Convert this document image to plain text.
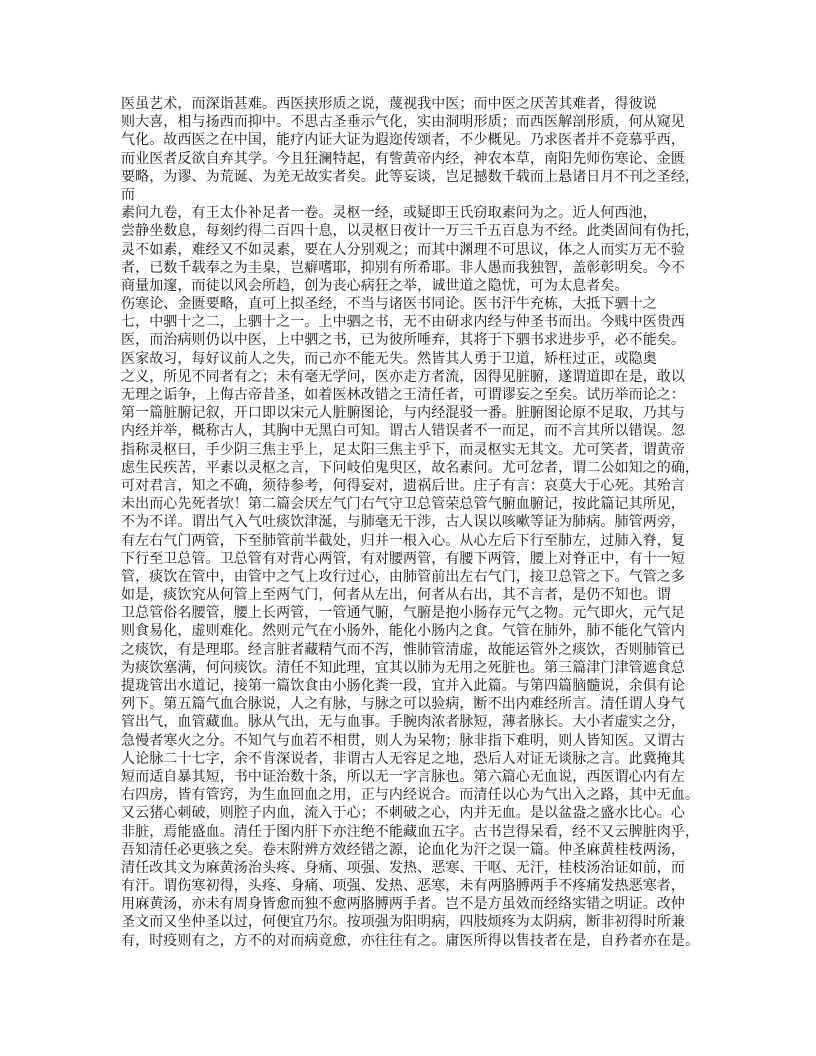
医虽艺术，而深诣甚难。西医挟形质之说，蔑视我中医；而中医之厌苦其难者，得彼说
则大喜，相与扬西而抑中。不思古圣垂示气化，实由洞明形质；而西医解剖形质，何从窥见
气化。故西医之在中国，能疗内证大证为遐迩传颂者，不少概见。乃求医者并不竞慕乎西，
而业医者反欲自弃其学。今且狂澜特起，有訾黄帝内经，神农本草，南阳先师伤寒论、金匮
要略，为谬、为荒诞、为羌无故实者矣。此等妄谈，岂足撼数千载而上悬诸日月不刊之圣经，
而
素问九卷，有王太仆补足者一卷。灵枢一经，或疑即王氏窃取素问为之。近人何西池，
尝静坐数息，每刻约得二百四十息，以灵枢日夜计一万三千五百息为不经。此类固间有伪托，
灵不如素，难经又不如灵素，要在人分别观之；而其中渊理不可思议，体之人而实万无不验
者，已数千载奉之为圭臬，岂癖嗜耶，抑别有所希耶。非人愚而我独智，盖彰彰明矣。今不
商量加邃，而徒以风会所趋，创为丧心病狂之举，诚世道之隐忧，可为太息者矣。
伤寒论、金匮要略，直可上拟圣经，不当与诸医书同论。医书汗牛充栋，大抵下驷十之
七，中驷十之二，上驷十之一。上中驷之书，无不由研求内经与仲圣书而出。今贱中医贵西
医，而治病则仍以中医，上中驷之书，已为彼所唾弃，其将于下驷书求进步乎，必不能矣。
医家故习，每好议前人之失，而己亦不能无失。然皆其人勇于卫道，矫枉过正，或隐奥
之义，所见不同者有之；未有毫无学问，医亦走方者流，因得见脏腑，遂谓道即在是，敢以
无理之诟争，上侮古帝昔圣，如着医林改错之王清任者，可谓谬妄之至矣。试历举而论之：
第一篇脏腑记叙，开口即以宋元人脏腑图论，与内经混驳一番。脏腑图论原不足取，乃其与
内经并举，概称古人，其胸中无黑白可知。谓古人错误者不一而足，而不言其所以错误。忽
指称灵枢曰，手少阴三焦主乎上，足太阳三焦主乎下，而灵枢实无其文。尤可笑者，谓黄帝
虑生民疾苦，平素以灵枢之言，下问岐伯鬼臾区，故名素问。尤可忿者，谓二公如知之的确，
可对君言，知之不确，须待参考，何得妄对，遗祸后世。庄子有言：哀莫大于心死。其殆言
未出而心先死者欤！第二篇会厌左气门右气守卫总管荣总管气腑血腑记，按此篇记其所见，
不为不详。谓出气入气吐痰饮津涎，与肺毫无干涉，古人误以咳嗽等证为肺病。肺管两旁，
有左右气门两管，下至肺管前半截处，归并一根入心。从心左后下行至肺左，过肺入脊，复
下行至卫总管。卫总管有对背心两管，有对腰两管，有腰下两管，腰上对脊正中，有十一短
管，痰饮在管中，由管中之气上攻行过心，由肺管前出左右气门，接卫总管之下。气管之多
如是，痰饮究从何管上至两气门，何者从左出，何者从右出，其不言者，是仍不知也。谓
卫总管俗名腰管，腰上长两管，一管通气腑，气腑是抱小肠存元气之物。元气即火，元气足
则食易化，虚则难化。然则元气在小肠外，能化小肠内之食。气管在肺外，肺不能化气管内
之痰饮，有是理耶。经言脏者藏精气而不泻，惟肺管清虚，故能运管外之痰饮，否则肺管已
为痰饮塞满，何问痰饮。清任不知此理，宜其以肺为无用之死脏也。第三篇津门津管遮食总
提珑管出水道记，接第一篇饮食由小肠化粪一段，宜并入此篇。与第四篇脑髓说，余俱有论
列下。第五篇气血合脉说，人之有脉，与脉之可以验病，断不出内难经所言。清任谓人身气
管出气，血管藏血。脉从气出，无与血事。手腕肉浓者脉短，薄者脉长。大小者虚实之分，
急慢者寒火之分。不知气与血若不相贯，则人为呆物；脉非指下难明，则人皆知医。又谓古
人论脉二十七字，余不肯深说者，非谓古人无容足之地，恐后人对证无谈脉之言。此冀掩其
短而适自暴其短，书中证治数十条，所以无一字言脉也。第六篇心无血说，西医谓心内有左
右四房，皆有管窍，为生血回血之用，正与内经说合。而清任以心为气出入之路，其中无血。
又云猪心刺破，则腔子内血，流入于心；不刺破之心，内并无血。是以盆盎之盛水比心。心
非脏，焉能盛血。清任于图内肝下亦注绝不能藏血五字。古书岂得呆看，经不又云脾脏肉乎，
吾知清任必更骇之矣。卷末附辨方效经错之源，论血化为汗之误一篇。仲圣麻黄桂枝两汤，
清任改其文为麻黄汤治头疼、身痛、项强、发热、恶寒、干呕、无汗，桂枝汤治证如前，而
有汗。谓伤寒初得，头疼、身痛、项强、发热、恶寒，未有两胳膊两手不疼痛发热恶寒者，
用麻黄汤，亦未有周身皆愈而独不愈两胳膊两手者。岂不是方虽效而经络实错之明证。改仲
圣文而又坐仲圣以过，何便宜乃尔。按项强为阳明病，四肢烦疼为太阴病，断非初得时所兼
有，时疫则有之，方不的对而病竟愈，亦往往有之。庸医所得以售技者在是，自矜者亦在是。
